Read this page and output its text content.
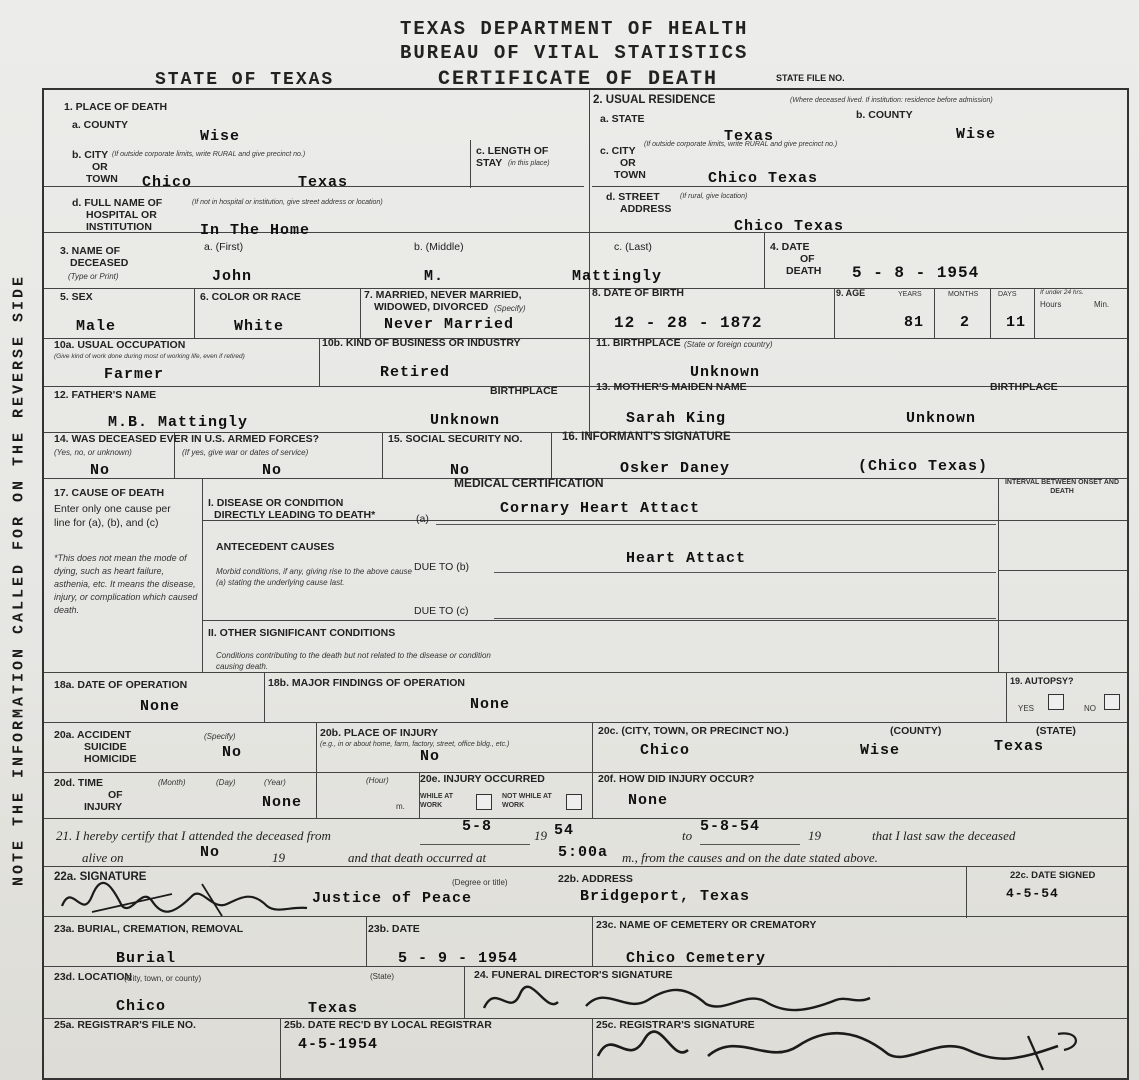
TEXAS DEPARTMENT OF HEALTH
BUREAU OF VITAL STATISTICS
STATE OF TEXAS	CERTIFICATE OF DEATH	STATE FILE NO.
NOTE THE INFORMATION CALLED FOR ON THE REVERSE SIDE
1. PLACE OF DEATH
a. COUNTY
Wise
b. CITY (If outside corporate limits, write RURAL and give precinct no.)
OR
TOWN Chico	Texas
c. LENGTH OF
STAY (in this place)
d. FULL NAME OF
HOSPITAL OR
INSTITUTION
(If not in hospital or institution, give street address or location)
In The Home
2. USUAL RESIDENCE	(Where deceased lived. If institution: residence before admission)
a. STATE
Texas
b. COUNTY
Wise
c. CITY
(If outside corporate limits, write RURAL and give precinct no.)
OR
TOWN	Chico Texas
d. STREET
ADDRESS
(If rural, give location)
Chico Texas
3. NAME OF
DECEASED
(Type or Print)
a. (First)	b. (Middle)	c. (Last)
John	M.	Mattingly
4. DATE
OF
DEATH 5 - 8 - 1954
5. SEX
Male
6. COLOR OR RACE
White
7. MARRIED, NEVER MARRIED,
WIDOWED, DIVORCED (Specify)
Never Married
8. DATE OF BIRTH
12 - 28 - 1872
9. AGE	YEARS	MONTHS	DAYS	If under 24 hrs.
Hours	Min.
81 2 11
10a. USUAL OCCUPATION
(Give kind of work done during most of working life, even if retired)
Farmer
10b. KIND OF BUSINESS OR INDUSTRY
Retired
11. BIRTHPLACE (State or foreign country)
Unknown
12. FATHER'S NAME	BIRTHPLACE
M.B. Mattingly	Unknown
13. MOTHER'S MAIDEN NAME	BIRTHPLACE
Sarah King	Unknown
14. WAS DECEASED EVER IN U.S. ARMED FORCES?
(Yes, no, or unknown)	(If yes, give war or dates of service)
No	No
15. SOCIAL SECURITY NO.
No
16. INFORMANT'S SIGNATURE
Osker Daney	(Chico Texas)
MEDICAL CERTIFICATION
17. CAUSE OF DEATH
Enter only one cause per
line for (a), (b), and (c)
*This does not mean the mode of dying, such as heart failure, asthenia, etc. It means the disease, injury, or complication which caused death.
I. DISEASE OR CONDITION
DIRECTLY LEADING TO DEATH*	(a)
Cornary Heart Attact
ANTECEDENT CAUSES
Morbid conditions, if any, giving rise to the above cause (a) stating the underlying cause last.
DUE TO (b)	Heart Attact
DUE TO (c)
II. OTHER SIGNIFICANT CONDITIONS
Conditions contributing to the death but not related to the disease or condition causing death.
INTERVAL BETWEEN ONSET AND DEATH
18a. DATE OF OPERATION
None
18b. MAJOR FINDINGS OF OPERATION
None
19. AUTOPSY?
YES	NO
20a. ACCIDENT
SUICIDE
HOMICIDE
(Specify)
No
20b. PLACE OF INJURY
(e.g., in or about home, farm, factory, street, office bldg., etc.)
No
20c. (CITY, TOWN, OR PRECINCT NO.)	(COUNTY)	(STATE)
Chico	Wise	Texas
20d. TIME
OF
INJURY
(Month)	(Day)	(Year)	(Hour)
m.
None
20e. INJURY OCCURRED
WHILE AT WORK
NOT WHILE AT WORK
20f. HOW DID INJURY OCCUR?
None
21. I hereby certify that I attended the deceased from
5-8
19 54	to
5-8-54
19	that I last saw the deceased
alive on	No	19	and that death occurred at	5:00a m., from the causes and on the date stated above.
22a. SIGNATURE	(Degree or title)
Justice of Peace
22b. ADDRESS
Bridgeport, Texas
22c. DATE SIGNED
4-5-54
23a. BURIAL, CREMATION, REMOVAL
Burial
23b. DATE
5 - 9 - 1954
23c. NAME OF CEMETERY OR CREMATORY
Chico Cemetery
23d. LOCATION
(City, town, or county)	(State)
Chico	Texas
24. FUNERAL DIRECTOR'S SIGNATURE
25a. REGISTRAR'S FILE NO.	25b. DATE REC'D BY LOCAL REGISTRAR
4-5-1954
25c. REGISTRAR'S SIGNATURE
